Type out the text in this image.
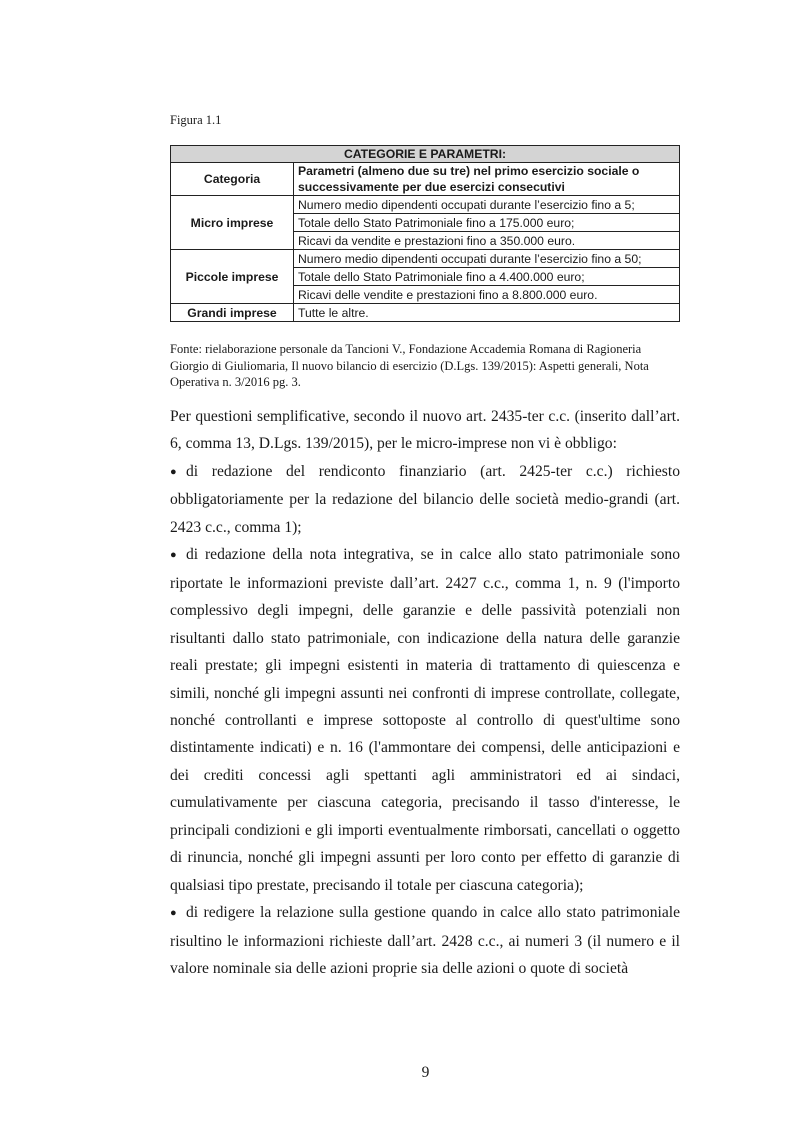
Figura 1.1
CATEGORIE E PARAMETRI:	
Categoria	Parametri (almeno due su tre) nel primo esercizio sociale o successivamente per due esercizi consecutivi
Micro imprese	Numero medio dipendenti occupati durante l’esercizio fino a 5;
	Totale dello Stato Patrimoniale fino a 175.000 euro;
	Ricavi da vendite e prestazioni fino a 350.000 euro.
Piccole imprese	Numero medio dipendenti occupati durante l’esercizio fino a 50;
	Totale dello Stato Patrimoniale fino a 4.400.000 euro;
	Ricavi delle vendite e prestazioni fino a 8.800.000 euro.
Grandi imprese	Tutte le altre.
Fonte: rielaborazione personale da Tancioni V., Fondazione Accademia Romana di Ragioneria Giorgio di Giuliomaria, Il nuovo bilancio di esercizio (D.Lgs. 139/2015): Aspetti generali, Nota Operativa n. 3/2016 pg. 3.

Per questioni semplificative, secondo il nuovo art. 2435-ter c.c. (inserito dall’art. 6, comma 13, D.Lgs. 139/2015), per le micro-imprese non vi è obbligo:

● di redazione del rendiconto finanziario (art. 2425-ter c.c.) richiesto obbligatoriamente per la redazione del bilancio delle società medio-grandi (art. 2423 c.c., comma 1);

● di redazione della nota integrativa, se in calce allo stato patrimoniale sono riportate le informazioni previste dall’art. 2427 c.c., comma 1, n. 9 (l'importo complessivo degli impegni, delle garanzie e delle passività potenziali non risultanti dallo stato patrimoniale, con indicazione della natura delle garanzie reali prestate; gli impegni esistenti in materia di trattamento di quiescenza e simili, nonché gli impegni assunti nei confronti di imprese controllate, collegate, nonché controllanti e imprese sottoposte al controllo di quest'ultime sono distintamente indicati) e n. 16 (l'ammontare dei compensi, delle anticipazioni e dei crediti concessi agli spettanti agli amministratori ed ai sindaci, cumulativamente per ciascuna categoria, precisando il tasso d'interesse, le principali condizioni e gli importi eventualmente rimborsati, cancellati o oggetto di rinuncia, nonché gli impegni assunti per loro conto per effetto di garanzie di qualsiasi tipo prestate, precisando il totale per ciascuna categoria);

● di redigere la relazione sulla gestione quando in calce allo stato patrimoniale risultino le informazioni richieste dall’art. 2428 c.c., ai numeri 3 (il numero e il valore nominale sia delle azioni proprie sia delle azioni o quote di società

9
